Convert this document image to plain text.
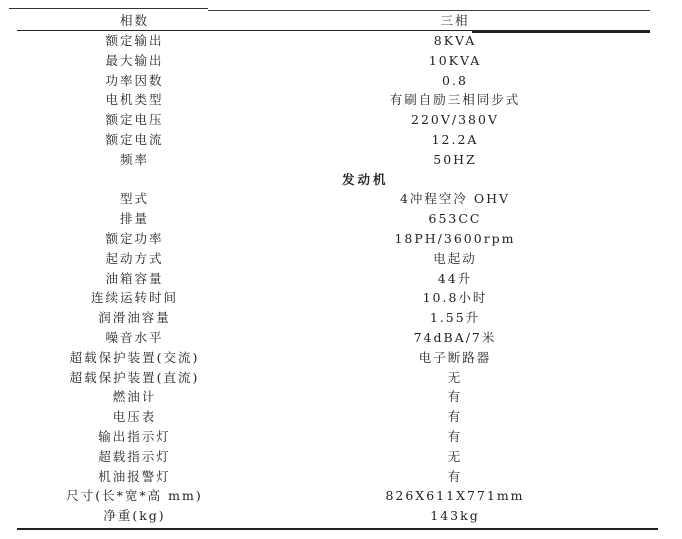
相数	三相
额定输出	8KVA
最大输出	10KVA
功率因数	0.8
电机类型	有刷自励三相同步式
额定电压	220V/380V
额定电流	12.2A
频率	50HZ
	发动机
型式	4冲程空冷 OHV
排量	653CC
额定功率	18PH/3600rpm
起动方式	电起动
油箱容量	44升
连续运转时间	10.8小时
润滑油容量	1.55升
噪音水平	74dBA/7米
超载保护装置(交流)	电子断路器
超载保护装置(直流)	无
燃油计	有
电压表	有
输出指示灯	有
超载指示灯	无
机油报警灯	有
尺寸(长*宽*高 mm)	826X611X771mm
净重(kg)	143kg
